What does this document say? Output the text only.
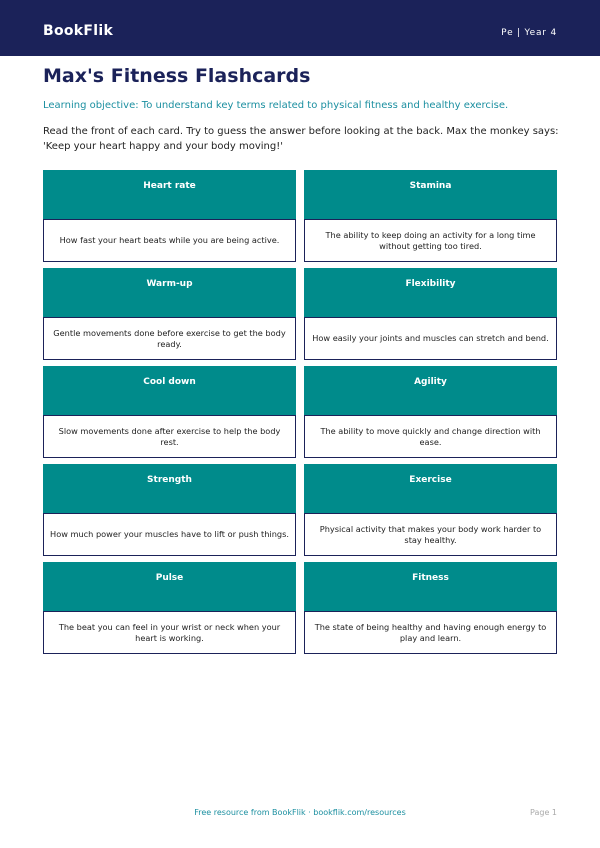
BookFlik	Pe | Year 4
Max's Fitness Flashcards
Learning objective: To understand key terms related to physical fitness and healthy exercise.
Read the front of each card. Try to guess the answer before looking at the back. Max the monkey says: 'Keep your heart happy and your body moving!'
Heart rate
How fast your heart beats while you are being active.
Stamina
The ability to keep doing an activity for a long time without getting too tired.
Warm-up
Gentle movements done before exercise to get the body ready.
Flexibility
How easily your joints and muscles can stretch and bend.
Cool down
Slow movements done after exercise to help the body rest.
Agility
The ability to move quickly and change direction with ease.
Strength
How much power your muscles have to lift or push things.
Exercise
Physical activity that makes your body work harder to stay healthy.
Pulse
The beat you can feel in your wrist or neck when your heart is working.
Fitness
The state of being healthy and having enough energy to play and learn.
Free resource from BookFlik · bookflik.com/resources	Page 1
